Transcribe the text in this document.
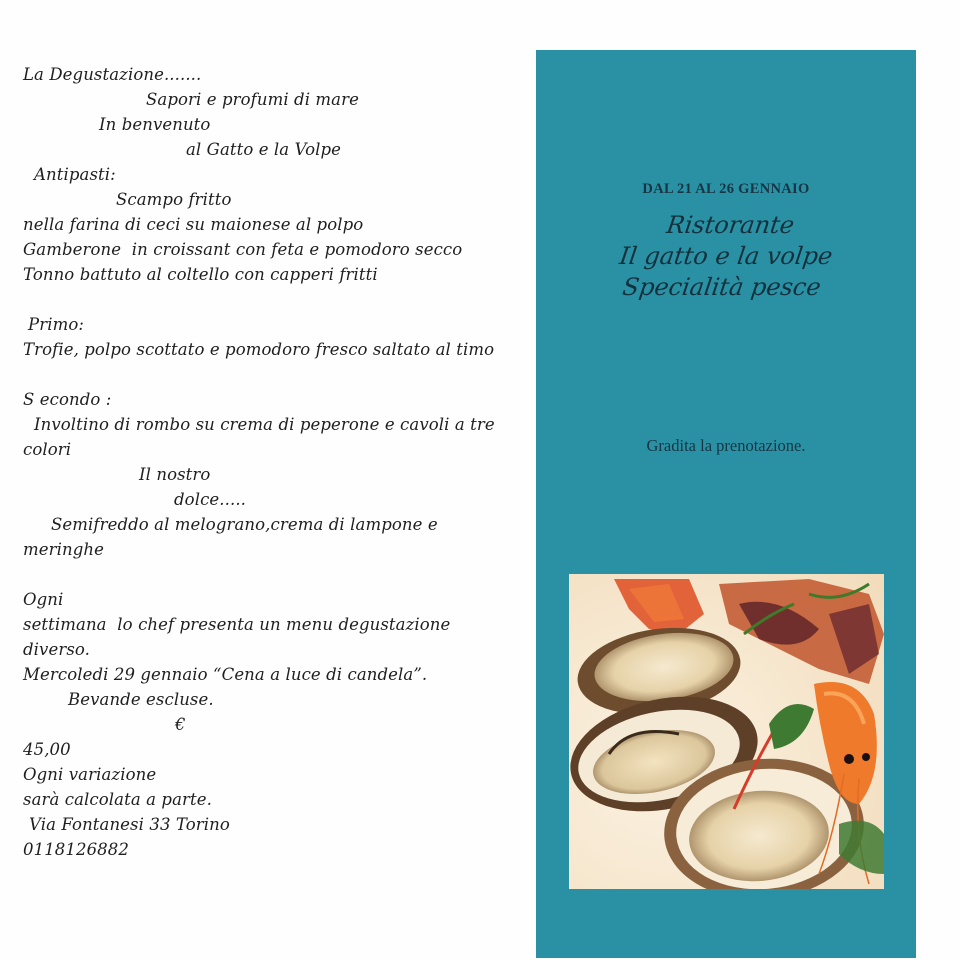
La Degustazione.......
Sapori e profumi di mare
In benvenuto
al Gatto e la Volpe
Antipasti:
Scampo fritto
nella farina di ceci su maionese al polpo
Gamberone  in croissant con feta e pomodoro secco
Tonno battuto al coltello con capperi fritti
Primo:
Trofie, polpo scottato e pomodoro fresco saltato al timo
S econdo :
Involtino di rombo su crema di peperone e cavoli a tre
colori
Il nostro
dolce.....
Semifreddo al melograno,crema di lampone e
meringhe
Ogni
settimana  lo chef presenta un menu degustazione
diverso.
Mercoledi 29 gennaio “Cena a luce di candela”.
Bevande escluse.
€
45,00
Ogni variazione
sarà calcolata a parte.
Via Fontanesi 33 Torino
0118126882
DAL 21 AL 26 GENNAIO
Ristorante
Il gatto e la volpe
Specialità pesce
Gradita la prenotazione.
